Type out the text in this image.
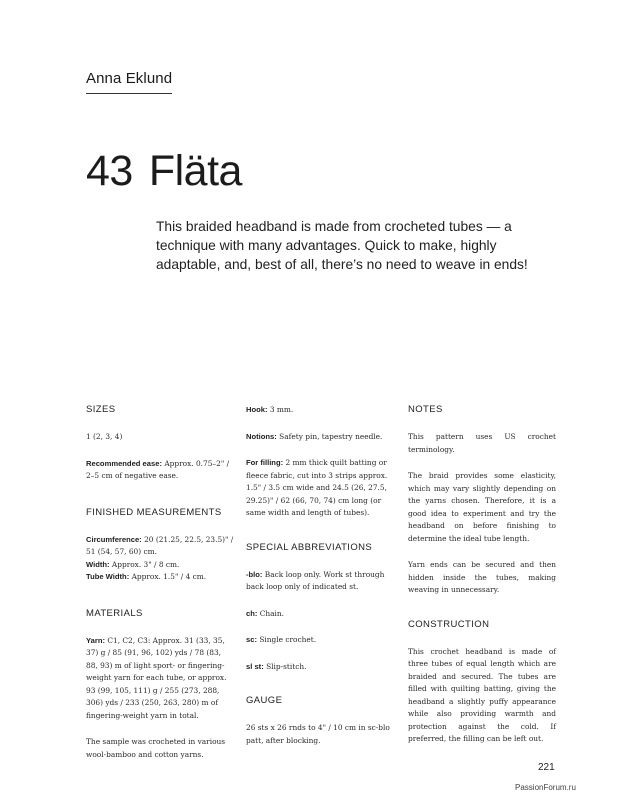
Anna Eklund
43 Fläta
This braided headband is made from crocheted tubes — a technique with many advantages. Quick to make, highly adaptable, and, best of all, there’s no need to weave in ends!
SIZES

1 (2, 3, 4)

Recommended ease: Approx. 0.75–2" / 2–5 cm of negative ease.

FINISHED MEASUREMENTS

Circumference: 20 (21.25, 22.5, 23.5)" / 51 (54, 57, 60) cm.

Width: Approx. 3" / 8 cm.

Tube Width: Approx. 1.5" / 4 cm.

MATERIALS

Yarn: C1, C2, C3: Approx. 31 (33, 35, 37) g / 85 (91, 96, 102) yds / 78 (83, 88, 93) m of light sport- or fingering-weight yarn for each tube, or approx. 93 (99, 105, 111) g / 255 (273, 288, 306) yds / 233 (250, 263, 280) m of fingering-weight yarn in total.

The sample was crocheted in various wool-bamboo and cotton yarns.

Hook: 3 mm.

Notions: Safety pin, tapestry needle.

For filling: 2 mm thick quilt batting or fleece fabric, cut into 3 strips approx. 1.5" / 3.5 cm wide and 24.5 (26, 27.5, 29.25)" / 62 (66, 70, 74) cm long (or same width and length of tubes).

SPECIAL ABBREVIATIONS

-blo: Back loop only. Work st through back loop only of indicated st.

ch: Chain.

sc: Single crochet.

sl st: Slip-stitch.

GAUGE

26 sts x 26 rnds to 4" / 10 cm in sc-blo patt, after blocking.

NOTES

This pattern uses US crochet terminology.

The braid provides some elasticity, which may vary slightly depending on the yarns chosen. Therefore, it is a good idea to experiment and try the headband on before finishing to determine the ideal tube length.

Yarn ends can be secured and then hidden inside the tubes, making weaving in unnecessary.

CONSTRUCTION

This crochet headband is made of three tubes of equal length which are braided and secured. The tubes are filled with quilting batting, giving the headband a slightly puffy appearance while also providing warmth and protection against the cold. If preferred, the filling can be left out.

221
PassionForum.ru
